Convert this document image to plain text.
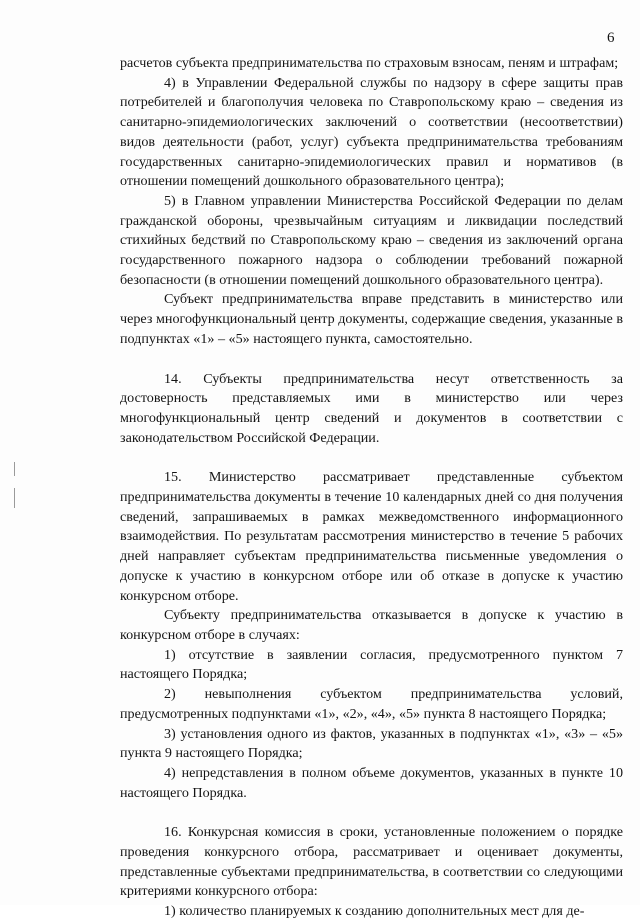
6

расчетов субъекта предпринимательства по страховым взносам, пеням и штрафам;

4) в Управлении Федеральной службы по надзору в сфере защиты прав потребителей и благополучия человека по Ставропольскому краю – сведения из санитарно-эпидемиологических заключений о соответствии (несоответствии) видов деятельности (работ, услуг) субъекта предпринимательства требованиям государственных санитарно-эпидемиологических правил и нормативов (в отношении помещений дошкольного образовательного центра);

5) в Главном управлении Министерства Российской Федерации по делам гражданской обороны, чрезвычайным ситуациям и ликвидации последствий стихийных бедствий по Ставропольскому краю – сведения из заключений органа государственного пожарного надзора о соблюдении требований пожарной безопасности (в отношении помещений дошкольного образовательного центра).

Субъект предпринимательства вправе представить в министерство или через многофункциональный центр документы, содержащие сведения, указанные в подпунктах «1» – «5» настоящего пункта, самостоятельно.

14. Субъекты предпринимательства несут ответственность за достоверность представляемых ими в министерство или через многофункциональный центр сведений и документов в соответствии с законодательством Российской Федерации.

15. Министерство рассматривает представленные субъектом предпринимательства документы в течение 10 календарных дней со дня получения сведений, запрашиваемых в рамках межведомственного информационного взаимодействия. По результатам рассмотрения министерство в течение 5 рабочих дней направляет субъектам предпринимательства письменные уведомления о допуске к участию в конкурсном отборе или об отказе в допуске к участию конкурсном отборе.

Субъекту предпринимательства отказывается в допуске к участию в конкурсном отборе в случаях:

1) отсутствие в заявлении согласия, предусмотренного пунктом 7 настоящего Порядка;

2) невыполнения субъектом предпринимательства условий, предусмотренных подпунктами «1», «2», «4», «5» пункта 8 настоящего Порядка;

3) установления одного из фактов, указанных в подпунктах «1», «3» – «5» пункта 9 настоящего Порядка;

4) непредставления в полном объеме документов, указанных в пункте 10 настоящего Порядка.

16. Конкурсная комиссия в сроки, установленные положением о порядке проведения конкурсного отбора, рассматривает и оценивает документы, представленные субъектами предпринимательства, в соответствии со следующими критериями конкурсного отбора:

1) количество планируемых к созданию дополнительных мест для де-
